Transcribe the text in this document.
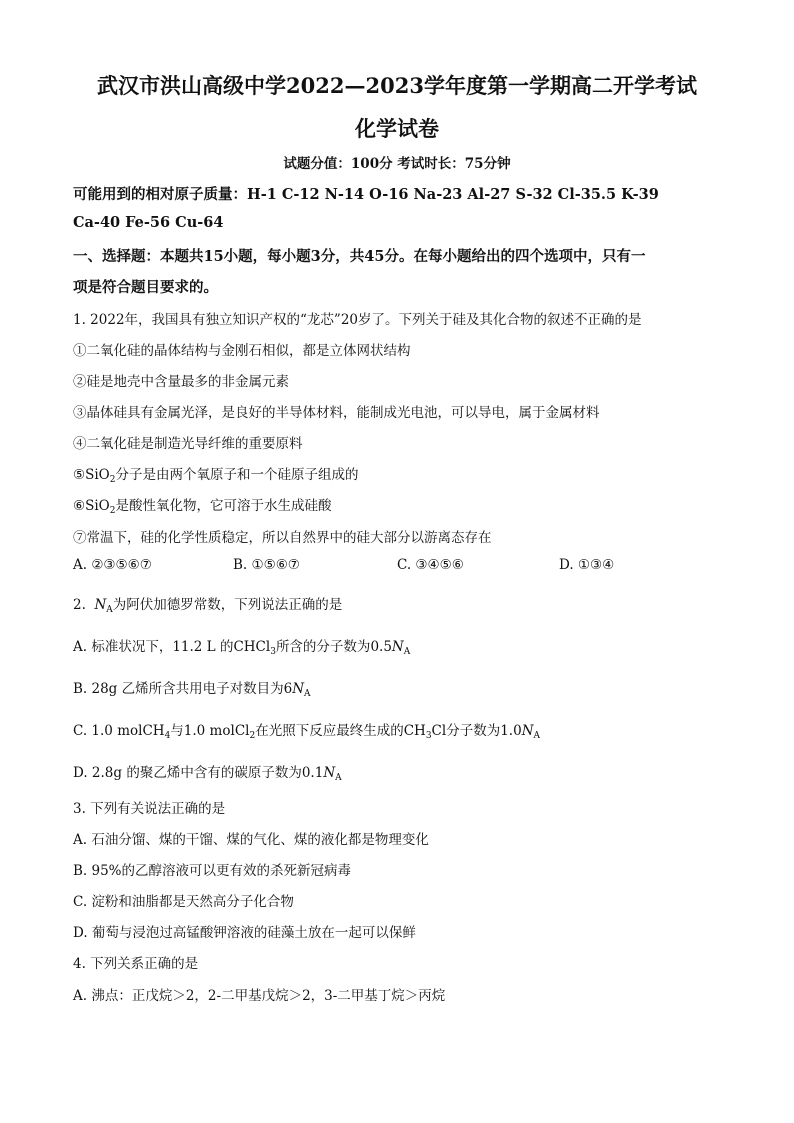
武汉市洪山高级中学2022—2023学年度第一学期高二开学考试
化学试卷
试题分值：100分 考试时长：75分钟
可能用到的相对原子质量：H-1 C-12 N-14 O-16 Na-23 Al-27 S-32 Cl-35.5 K-39
Ca-40 Fe-56 Cu-64
一、选择题：本题共15小题，每小题3分，共45分。在每小题给出的四个选项中，只有一
项是符合题目要求的。
1. 2022年，我国具有独立知识产权的“龙芯”20岁了。下列关于硅及其化合物的叙述不正确的是
①二氧化硅的晶体结构与金刚石相似，都是立体网状结构
②硅是地壳中含量最多的非金属元素
③晶体硅具有金属光泽，是良好的半导体材料，能制成光电池，可以导电，属于金属材料
④二氧化硅是制造光导纤维的重要原料
⑤SiO$_2$分子是由两个氧原子和一个硅原子组成的
⑥SiO$_2$是酸性氧化物，它可溶于水生成硅酸
⑦常温下，硅的化学性质稳定，所以自然界中的硅大部分以游离态存在
A. ②③⑤⑥⑦	B. ①⑤⑥⑦	C. ③④⑤⑥	D. ①③④
2. $N_A$为阿伏加德罗常数，下列说法正确的是
A. 标准状况下，11.2 L 的CHCl$_3$所含的分子数为$0.5N_A$
B. 28g 乙烯所含共用电子对数目为$6N_A$
C. 1.0 molCH$_4$与1.0 molCl$_2$在光照下反应最终生成的$CH_3Cl$分子数为$1.0N_A$
D. 2.8g 的聚乙烯中含有的碳原子数为$0.1N_A$
3. 下列有关说法正确的是
A. 石油分馏、煤的干馏、煤的气化、煤的液化都是物理变化
B. 95%的乙醇溶液可以更有效的杀死新冠病毒
C. 淀粉和油脂都是天然高分子化合物
D. 葡萄与浸泡过高锰酸钾溶液的硅藻土放在一起可以保鲜
4. 下列关系正确的是
A. 沸点：正戊烷＞2，2-二甲基戊烷＞2，3-二甲基丁烷＞丙烷
